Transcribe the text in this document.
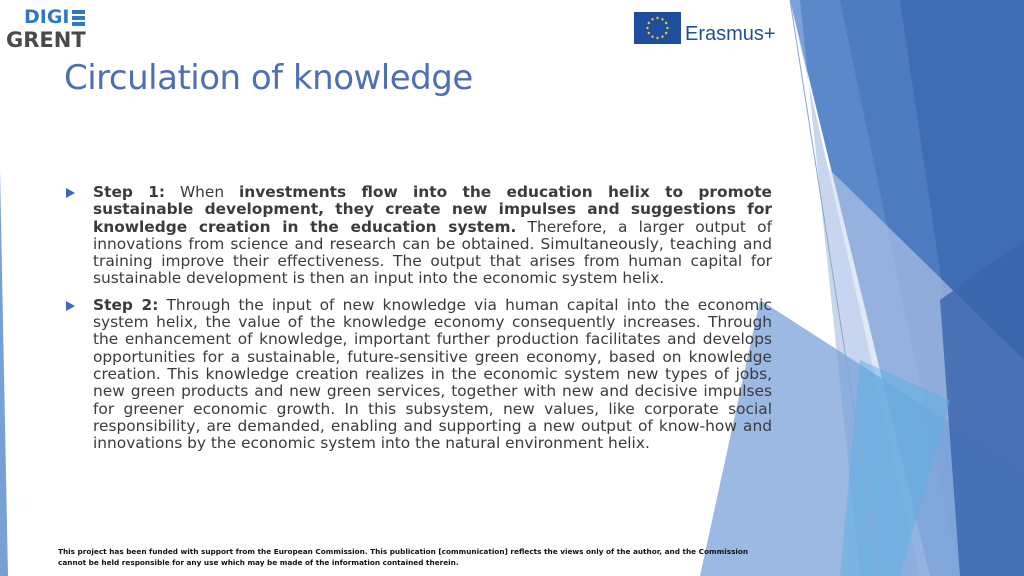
DIGI
GRENT	Erasmus+
Circulation of knowledge
Step 1: When investments flow into the education helix to promote sustainable development, they create new impulses and suggestions for knowledge creation in the education system. Therefore, a larger output of innovations from science and research can be obtained. Simultaneously, teaching and training improve their effectiveness. The output that arises from human capital for sustainable development is then an input into the economic system helix.
Step 2: Through the input of new knowledge via human capital into the economic system helix, the value of the knowledge economy consequently increases. Through the enhancement of knowledge, important further production facilitates and develops opportunities for a sustainable, future-sensitive green economy, based on knowledge creation. This knowledge creation realizes in the economic system new types of jobs, new green products and new green services, together with new and decisive impulses for greener economic growth. In this subsystem, new values, like corporate social responsibility, are demanded, enabling and supporting a new output of know-how and innovations by the economic system into the natural environment helix.
This project has been funded with support from the European Commission. This publication [communication] reflects the views only of the author, and the Commission cannot be held responsible for any use which may be made of the information contained therein.
